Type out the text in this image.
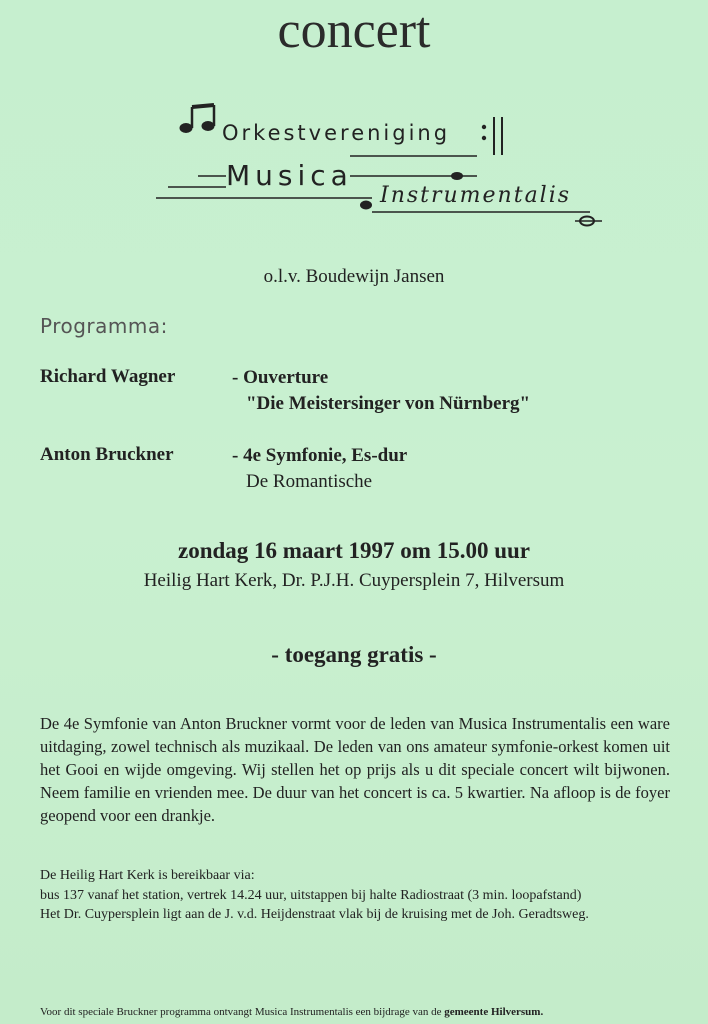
concert
Orkestvereniging
Musica
Instrumentalis
o.l.v. Boudewijn Jansen
Programma:
Richard Wagner	- Ouverture
"Die Meistersinger von Nürnberg"
Anton Bruckner	- 4e Symfonie, Es-dur
De Romantische
zondag 16 maart 1997 om 15.00 uur
Heilig Hart Kerk, Dr. P.J.H. Cuypersplein 7, Hilversum
- toegang gratis -
De 4e Symfonie van Anton Bruckner vormt voor de leden van Musica Instrumentalis een ware uitdaging, zowel technisch als muzikaal. De leden van ons amateur symfonie-orkest komen uit het Gooi en wijde omgeving. Wij stellen het op prijs als u dit speciale concert wilt bijwonen. Neem familie en vrienden mee. De duur van het concert is ca. 5 kwartier. Na afloop is de foyer geopend voor een drankje.

De Heilig Hart Kerk is bereikbaar via:

bus 137 vanaf het station, vertrek 14.24 uur, uitstappen bij halte Radiostraat (3 min. loopafstand)

Het Dr. Cuypersplein ligt aan de J. v.d. Heijdenstraat vlak bij de kruising met de Joh. Geradtsweg.

Voor dit speciale Bruckner programma ontvangt Musica Instrumentalis een bijdrage van de gemeente Hilversum.
